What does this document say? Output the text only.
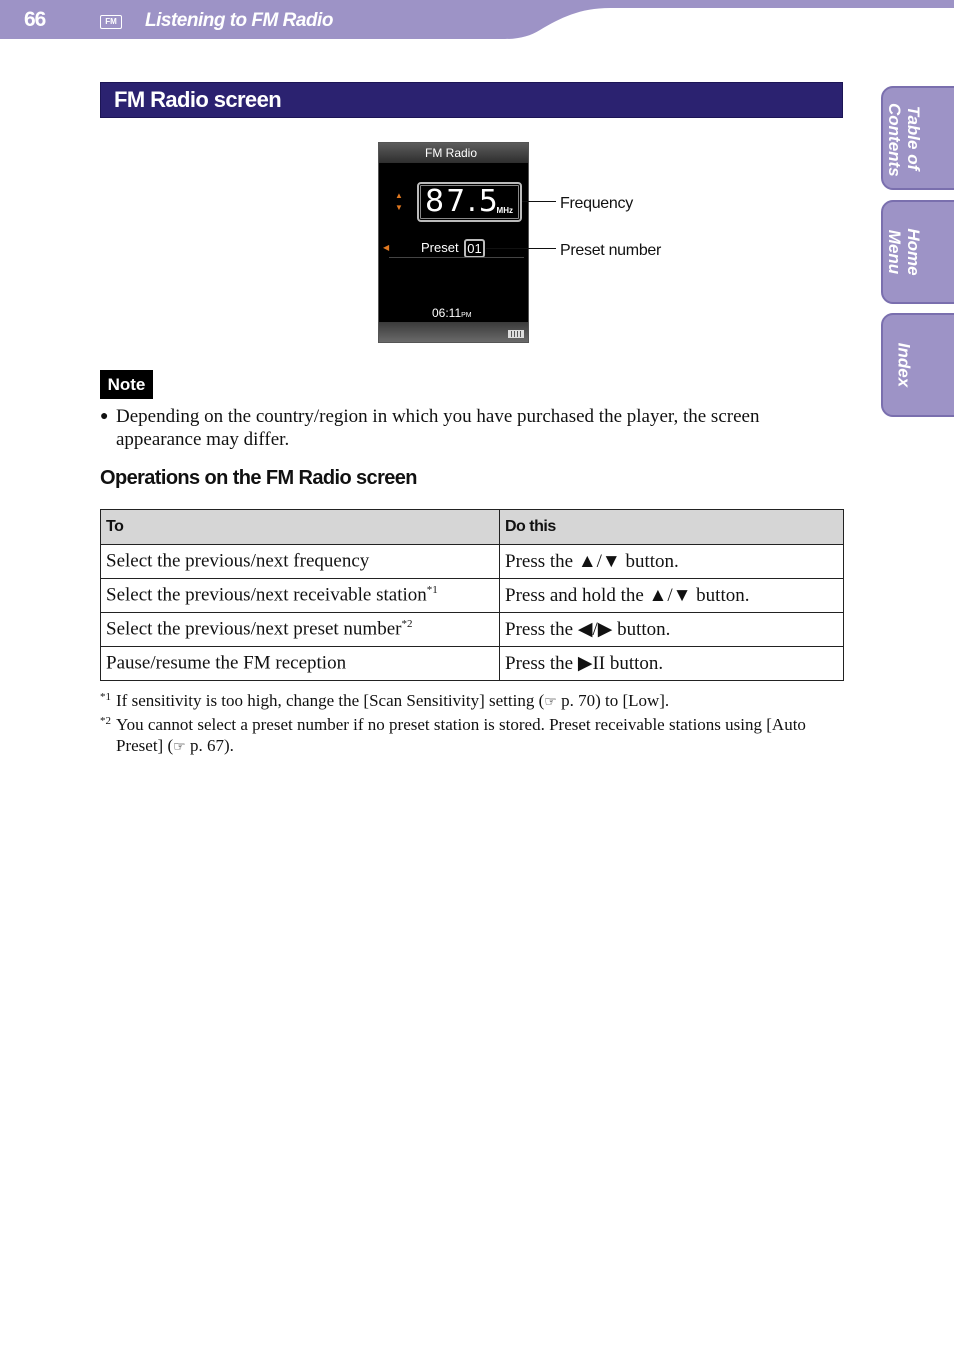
66	FM Listening to FM Radio
Table of Contents
Home Menu
Index
FM Radio screen
FM Radio
▲
▼ 87.5
MHz
◀ Preset 01
06:11PM
Frequency
Preset number
Note
● Depending on the country/region in which you have purchased the player, the screen appearance may differ.
Operations on the FM Radio screen
To	Do this
Select the previous/next frequency	Press the ▲/▼ button.
Select the previous/next receivable station$^{*1}$	Press and hold the ▲/▼ button.
Select the previous/next preset number$^{*2}$	Press the ◀/▶ button.
Pause/resume the FM reception	Press the ▶II button.
*1 If sensitivity is too high, change the [Scan Sensitivity] setting (☞ p. 70) to [Low].
*2 You cannot select a preset number if no preset station is stored. Preset receivable stations using [Auto Preset] (☞ p. 67).
